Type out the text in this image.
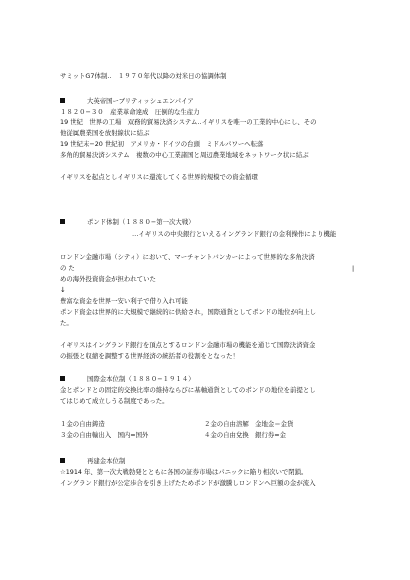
サミットG7体制‥　１９７０年代以降の対米日の協調体制
大英帝国ーブリティッシュエンパイア
１８２０−３０　産業革命達成　圧倒的な生産力
19 世紀　世界の工場　双務的貿易決済システム‥イギリスを唯一の工業的中心にし、その
他従属農業国を放射線状に結ぶ
19 世紀末−20 世紀初　アメリカ・ドイツの台頭　ミドルパワーへ転落
多角的貿易決済システム　複数の中心工業諸国と周辺農業地域をネットワーク状に結ぶ
イギリスを起点としイギリスに還流してくる世界的規模での資金循環
ポンド体制（１８８０−第一次大戦）
…イギリスの中央銀行といえるイングランド銀行の金利操作により機能
ロンドン金融市場（シティ）において、マーチャントバンカーによって世界的な多角決済
の た	|
めの海外投資資金が担われていた
↓
豊富な資金を世界一安い利子で借り入れ可能
ポンド資金は世界的に大規模で継続的に供給され，国際通貨としてポンドの地位が向上し
た。
イギリスはイングランド銀行を頂点とするロンドン金融市場の機能を通じて国際決済資金
の振張と収縮を調整する世界経済の統括者の役割をとなった！
国際金本位制（１８８０−１９１４）
金とポンドとの固定的交換比率の維持ならびに基軸通貨としてのポンドの地位を前提とし
てはじめて成立しうる制度であった。
１金の自由鋳造	２金の自由溶解　金地金＝金貨
３金の自由輸出入　国内=国外	４金の自由兌換　銀行券=金
再建金本位制
☆1914 年、第一次大戦勃発とともに各国の証券市場はパニックに陥り相次いで閉鎖。
イングランド銀行が公定歩合を引き上げたためポンドが激騰しロンドンへ巨額の金が流入
